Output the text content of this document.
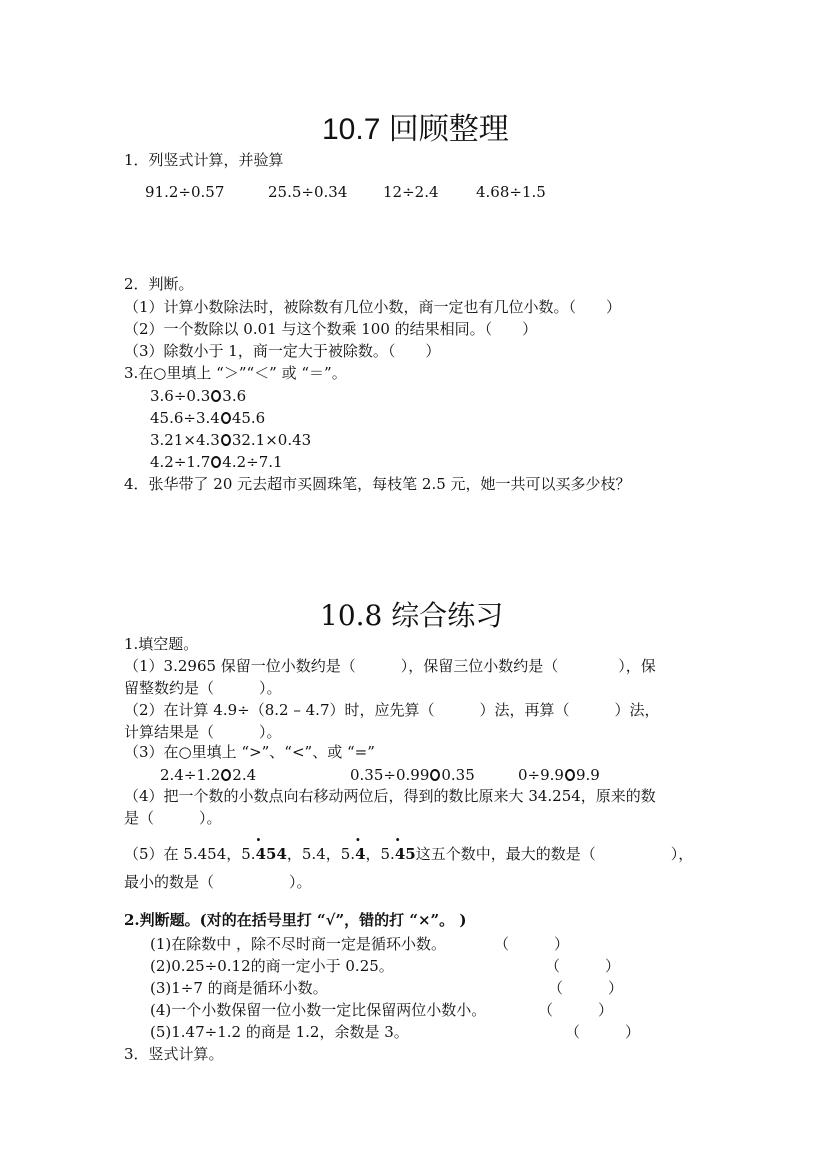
10.7 回顾整理
1．列竖式计算，并验算
91.2÷0.57	25.5÷0.34 12÷2.4 4.68÷1.5
2．判断。
（1）计算小数除法时，被除数有几位小数，商一定也有几位小数。（　　）
（2）一个数除以 0.01 与这个数乘 100 的结果相同。（　　）
（3）除数小于 1，商一定大于被除数。（　　）
3.在○里填上 “＞”“＜” 或 “＝”。
3.6÷0.3 3.6
45.6÷3.4 45.6
3.21×4.3 32.1×0.43
4.2÷1.7 4.2÷7.1
4．张华带了 20 元去超市买圆珠笔，每枝笔 2.5 元，她一共可以买多少枝？
10.8 综合练习
1.填空题。
（1）3.2965 保留一位小数约是（　　　），保留三位小数约是（　　　　），保
留整数约是（　　　）。
（2）在计算 4.9÷（8.2 – 4.7）时，应先算（　　　）法，再算（　　　）法，
计算结果是（　　　）。
（3）在○里填上 “>”、“<”、或 “=”
2.4÷1.2 2.4	0.35÷0.99 0.35	0÷9.9 9.9
（4）把一个数的小数点向右移动两位后，得到的数比原来大 34.254，原来的数
是（　　　）。
（5）在 5.454，5.· 454，5.4，5.· 4，5.· 45这五个数中，最大的数是（　　　　　），
最小的数是（　　　　　）。
2.判断题。(对的在括号里打 “√”，错的打 “×”。 )
(1)在除数中 ，除不尽时商一定是循环小数。	（　　　）
(2)0.25÷0.12的商一定小于 0.25。	（　　　）
(3)1÷7 的商是循环小数。	（　　　）
(4)一个小数保留一位小数一定比保留两位小数小。	（　　　）
(5)1.47÷1.2 的商是 1.2，余数是 3。	（　　　）
3．竖式计算。
